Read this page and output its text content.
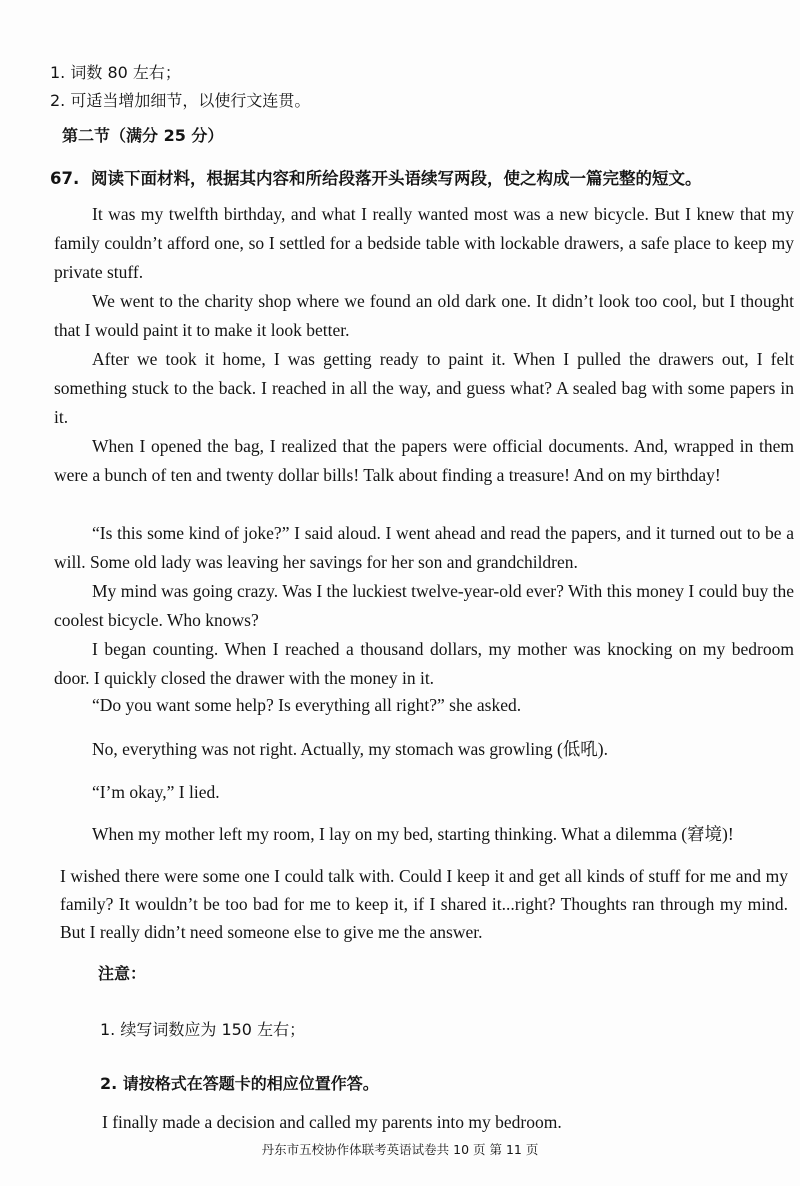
1. 词数 80 左右；
2. 可适当增加细节，以使行文连贯。
第二节（满分 25 分）
67. 阅读下面材料，根据其内容和所给段落开头语续写两段，使之构成一篇完整的短文。
It was my twelfth birthday, and what I really wanted most was a new bicycle. But I knew that my family couldn’t afford one, so I settled for a bedside table with lockable drawers, a safe place to keep my private stuff.
We went to the charity shop where we found an old dark one. It didn’t look too cool, but I thought that I would paint it to make it look better.
After we took it home, I was getting ready to paint it. When I pulled the drawers out, I felt something stuck to the back. I reached in all the way, and guess what? A sealed bag with some papers in it.
When I opened the bag, I realized that the papers were official documents. And, wrapped in them were a bunch of ten and twenty dollar bills! Talk about finding a treasure! And on my birthday!
“Is this some kind of joke?” I said aloud. I went ahead and read the papers, and it turned out to be a will. Some old lady was leaving her savings for her son and grandchildren.
My mind was going crazy. Was I the luckiest twelve-year-old ever? With this money I could buy the coolest bicycle. Who knows?
I began counting. When I reached a thousand dollars, my mother was knocking on my bedroom door. I quickly closed the drawer with the money in it.
“Do you want some help? Is everything all right?” she asked.
No, everything was not right. Actually, my stomach was growling (低吼).
“I’m okay,” I lied.
When my mother left my room, I lay on my bed, starting thinking. What a dilemma (窘境)!
I wished there were some one I could talk with. Could I keep it and get all kinds of stuff for me and my family? It wouldn’t be too bad for me to keep it, if I shared it...right? Thoughts ran through my mind. But I really didn’t need someone else to give me the answer.
注意：
1. 续写词数应为 150 左右；
2. 请按格式在答题卡的相应位置作答。
I finally made a decision and called my parents into my bedroom.
丹东市五校协作体联考英语试卷共 10 页 第 11 页
